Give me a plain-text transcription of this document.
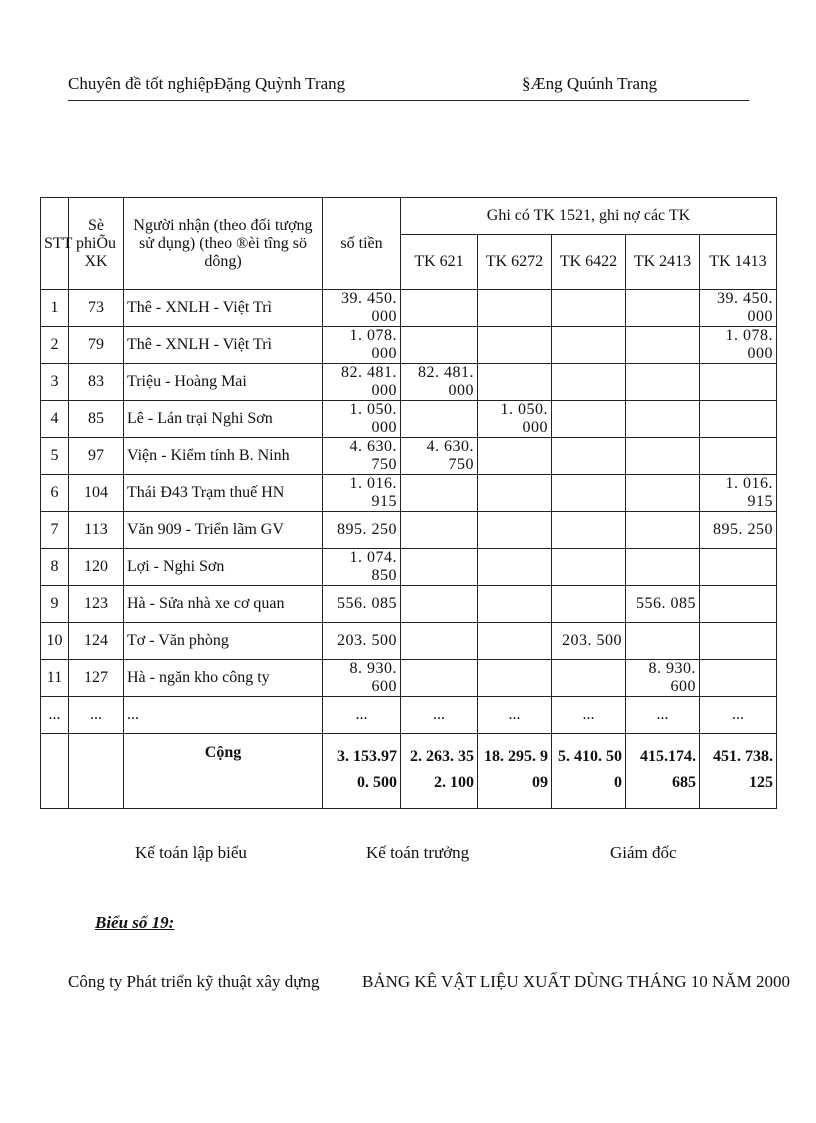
Chuyên đề tốt nghiệpĐặng Quỳnh Trang	§Æng Quúnh Trang
STT	Sè phiÕu XK	Người nhận (theo đối tượng sử dụng) (theo ®èi tîng sö dông)	số tiền	Ghi có TK 1521, ghi nợ các TK				
				TK 621	TK 6272	TK 6422	TK 2413	TK 1413
1	73	Thê - XNLH - Việt Trì	39. 450. 000					39. 450. 000
2	79	Thê - XNLH - Việt Trì	1. 078. 000					1. 078. 000
3	83	Triệu - Hoàng Mai	82. 481. 000	82. 481. 000				
4	85	Lê - Lán trại Nghi Sơn	1. 050. 000		1. 050. 000			
5	97	Viện - Kiểm tính B. Ninh	4. 630. 750	4. 630. 750				
6	104	Thái Đ43 Trạm thuế HN	1. 016. 915					1. 016. 915
7	113	Văn 909 - Triển lãm GV	895. 250					895. 250
8	120	Lợi - Nghi Sơn	1. 074. 850					
9	123	Hà - Sửa nhà xe cơ quan	556. 085				556. 085	
10	124	Tơ - Văn phòng	203. 500			203. 500		
11	127	Hà - ngăn kho công ty	8. 930. 600				8. 930. 600	
...	...	...	...	...	...	...	...	...
		Cộng	3. 153.970. 500	2. 263. 352. 100	18. 295. 909	5. 410. 500	415.174. 685	451. 738. 125
Kế toán lập biểu	Kế toán trưởng	Giám đốc
Biểu số 19:
Công ty Phát triển kỹ thuật xây dựng	BẢNG KÊ VẬT LIỆU XUẤT DÙNG THÁNG 10 NĂM 2000
